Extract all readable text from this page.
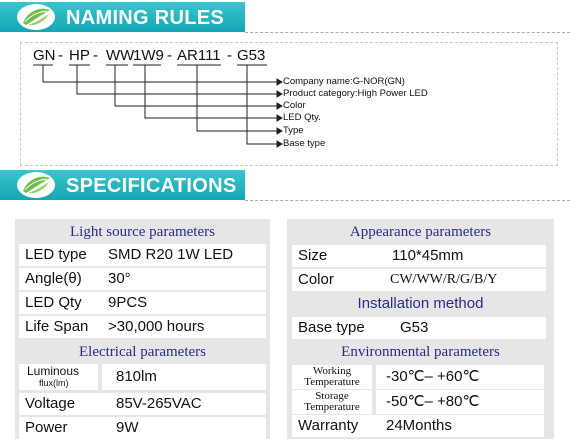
NAMING RULES
GN - HP - WW
1W9 - AR111 - G53
Company name:G-NOR(GN)
Product category:High Power LED
Color
LED Qty.
Type
Base type
SPECIFICATIONS
Light source parameters
LED type	SMD R20 1W LED
Angle(θ)	30°
LED Qty	9PCS
Life Span	>30,000 hours
Electrical parameters
Luminous
flux(lm)	810lm
Voltage	85V-265VAC
Power	9W
Appearance parameters
Size	110*45mm
Color	CW/WW/R/G/B/Y
Installation method
Base type	G53
Environmental parameters
Working
Temperature	-30℃– +60℃
Storage
Temperature	-50℃– +80℃
Warranty	24Months
